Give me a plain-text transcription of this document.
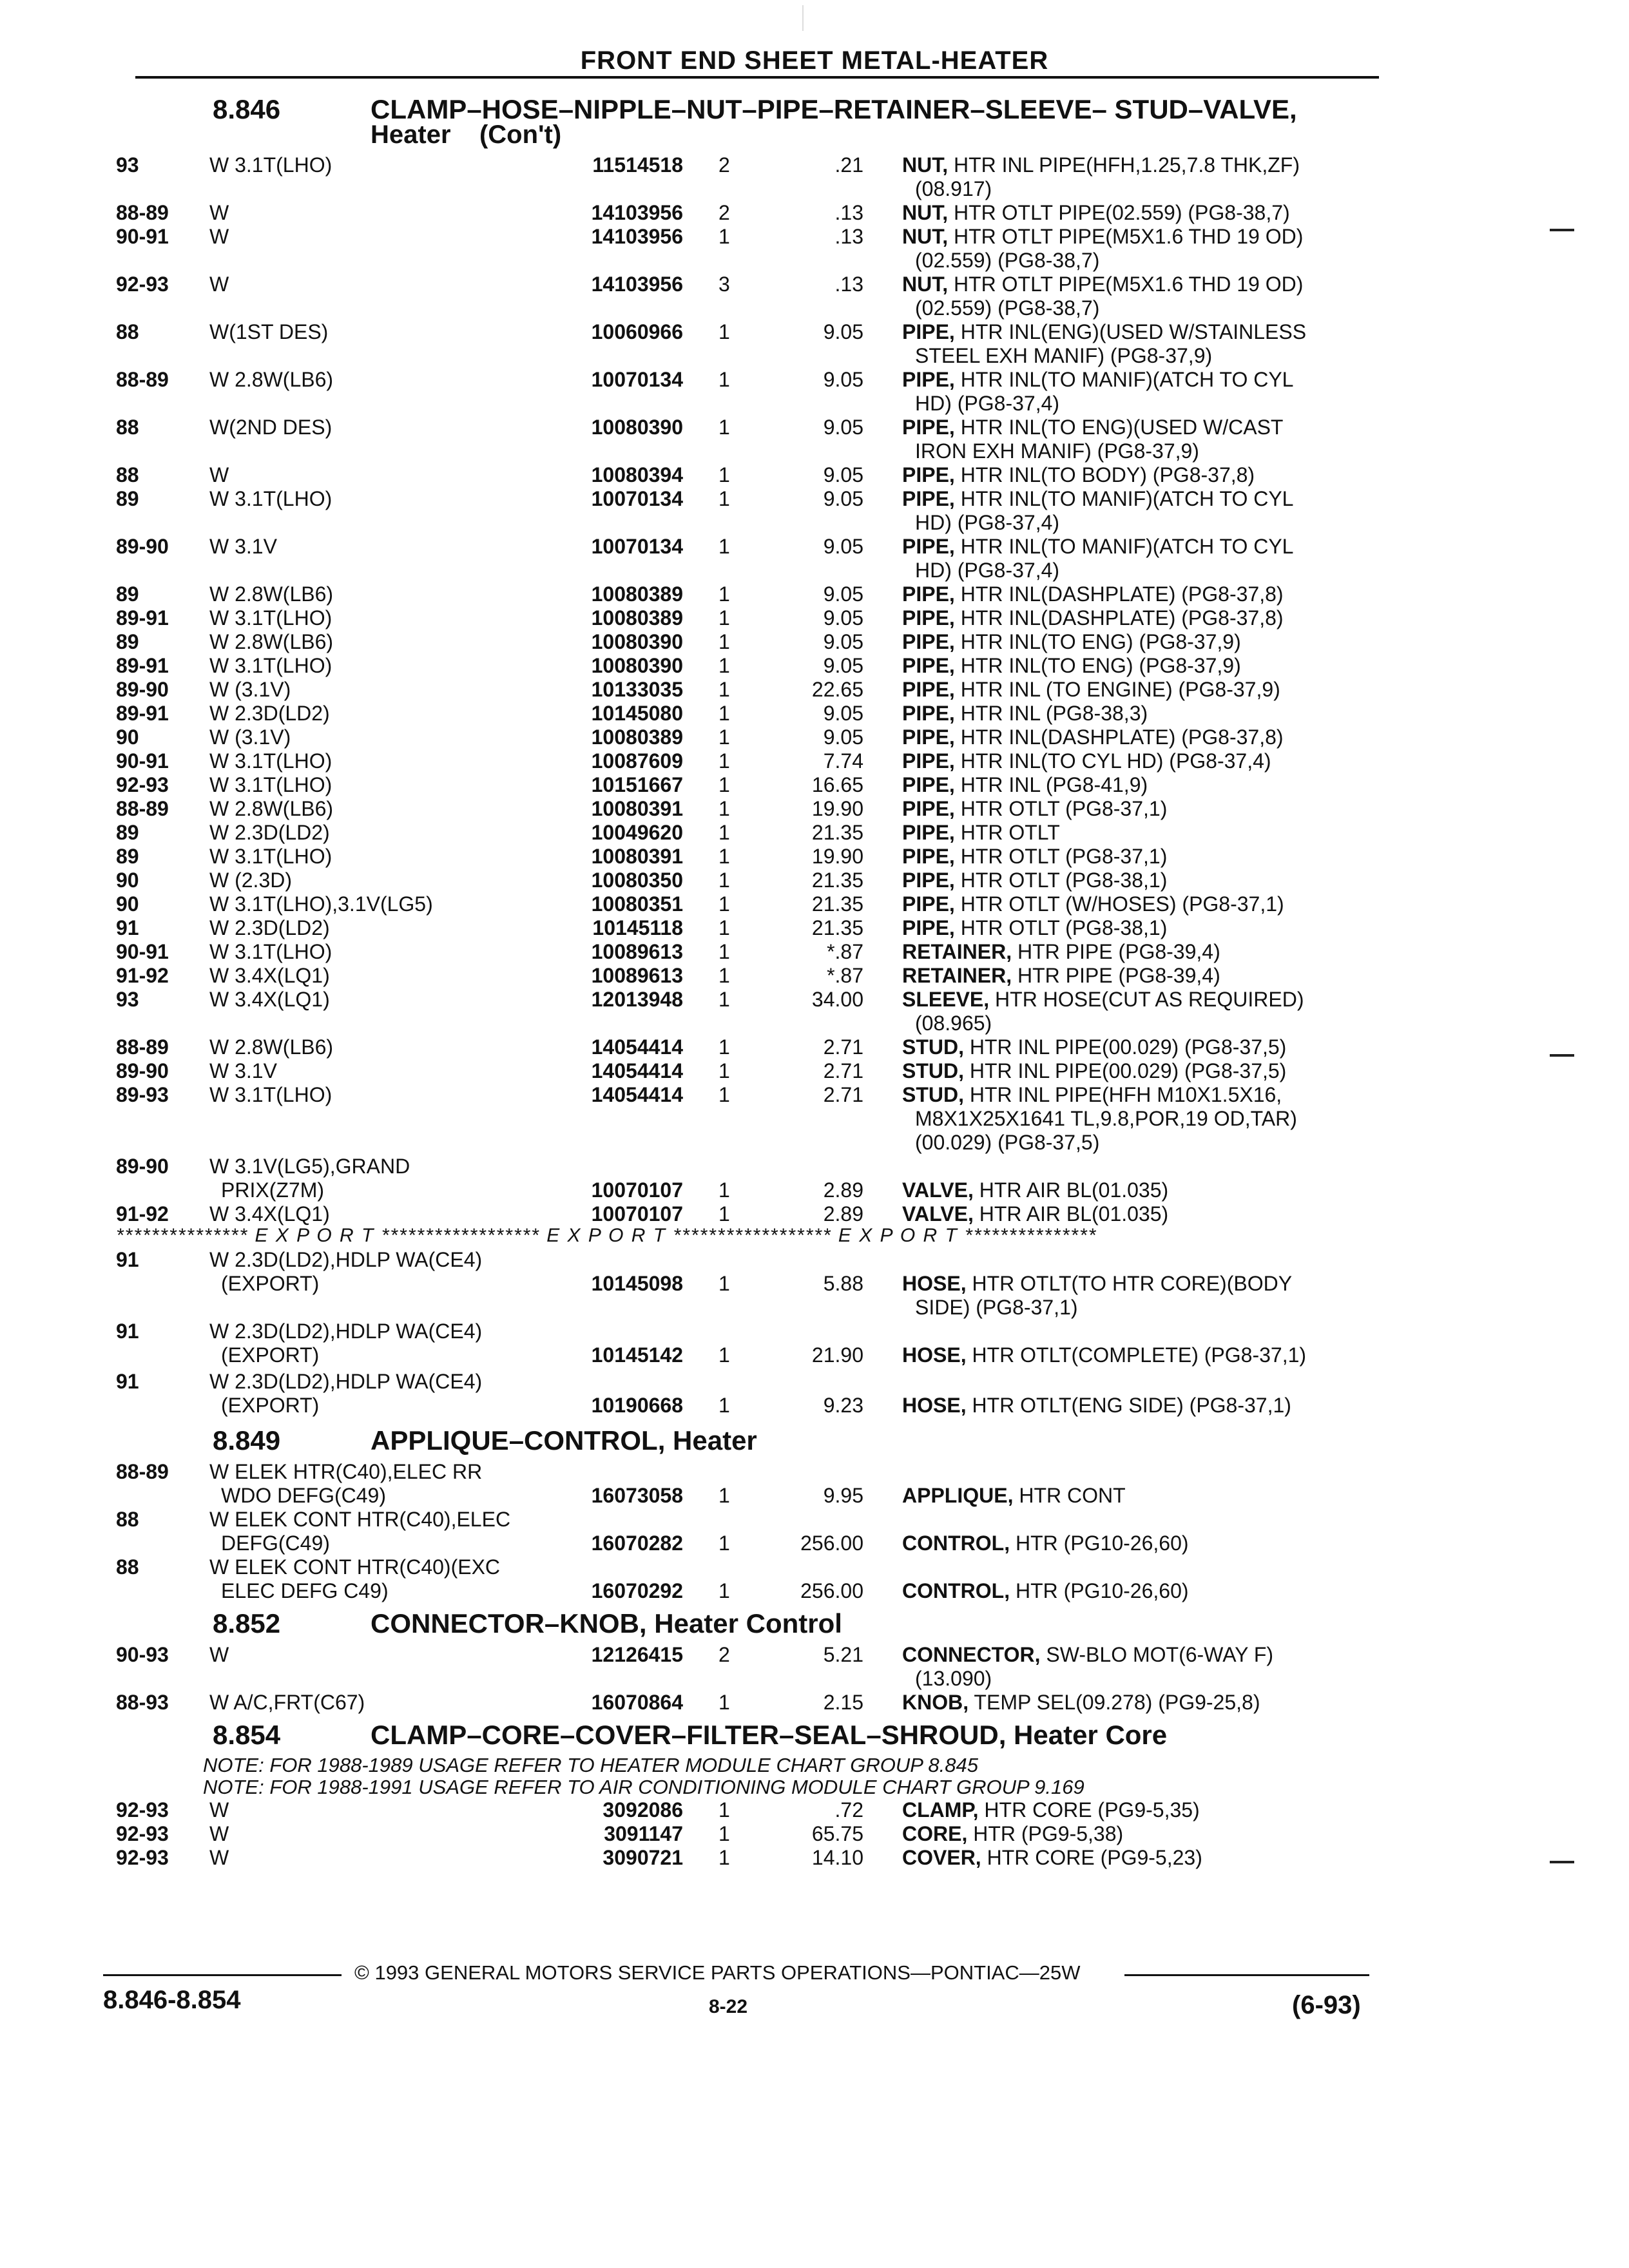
FRONT END SHEET METAL-HEATER
8.846	CLAMP–HOSE–NIPPLE–NUT–PIPE–RETAINER–SLEEVE– STUD–VALVE,
Heater    (Con't)
93	W 3.1T(LHO)	11514518 2	.21 NUT, HTR INL PIPE(HFH,1.25,7.8 THK,ZF)
(08.917)
88-89	W	14103956 2	.13 NUT, HTR OTLT PIPE(02.559) (PG8-38,7)
90-91	W	14103956 1	.13 NUT, HTR OTLT PIPE(M5X1.6 THD 19 OD)
(02.559) (PG8-38,7)
92-93	W	14103956 3	.13 NUT, HTR OTLT PIPE(M5X1.6 THD 19 OD)
(02.559) (PG8-38,7)
88	W(1ST DES)	10060966 1	9.05 PIPE, HTR INL(ENG)(USED W/STAINLESS
STEEL EXH MANIF) (PG8-37,9)
88-89	W 2.8W(LB6)	10070134 1	9.05 PIPE, HTR INL(TO MANIF)(ATCH TO CYL
HD) (PG8-37,4)
88	W(2ND DES)	10080390 1	9.05 PIPE, HTR INL(TO ENG)(USED W/CAST
IRON EXH MANIF) (PG8-37,9)
88	W	10080394 1	9.05 PIPE, HTR INL(TO BODY) (PG8-37,8)
89	W 3.1T(LHO)	10070134 1	9.05 PIPE, HTR INL(TO MANIF)(ATCH TO CYL
HD) (PG8-37,4)
89-90	W 3.1V	10070134 1	9.05 PIPE, HTR INL(TO MANIF)(ATCH TO CYL
HD) (PG8-37,4)
89	W 2.8W(LB6)	10080389 1	9.05 PIPE, HTR INL(DASHPLATE) (PG8-37,8)
89-91	W 3.1T(LHO)	10080389 1	9.05 PIPE, HTR INL(DASHPLATE) (PG8-37,8)
89	W 2.8W(LB6)	10080390 1	9.05 PIPE, HTR INL(TO ENG) (PG8-37,9)
89-91	W 3.1T(LHO)	10080390 1	9.05 PIPE, HTR INL(TO ENG) (PG8-37,9)
89-90	W (3.1V)	10133035 1	22.65 PIPE, HTR INL (TO ENGINE) (PG8-37,9)
89-91	W 2.3D(LD2)	10145080 1	9.05 PIPE, HTR INL (PG8-38,3)
90	W (3.1V)	10080389 1	9.05 PIPE, HTR INL(DASHPLATE) (PG8-37,8)
90-91	W 3.1T(LHO)	10087609 1	7.74 PIPE, HTR INL(TO CYL HD) (PG8-37,4)
92-93	W 3.1T(LHO)	10151667 1	16.65 PIPE, HTR INL (PG8-41,9)
88-89	W 2.8W(LB6)	10080391 1	19.90 PIPE, HTR OTLT (PG8-37,1)
89	W 2.3D(LD2)	10049620 1	21.35 PIPE, HTR OTLT
89	W 3.1T(LHO)	10080391 1	19.90 PIPE, HTR OTLT (PG8-37,1)
90	W (2.3D)	10080350 1	21.35 PIPE, HTR OTLT (PG8-38,1)
90	W 3.1T(LHO),3.1V(LG5)	10080351 1	21.35 PIPE, HTR OTLT (W/HOSES) (PG8-37,1)
91	W 2.3D(LD2)	10145118 1	21.35 PIPE, HTR OTLT (PG8-38,1)
90-91	W 3.1T(LHO)	10089613 1	*.87 RETAINER, HTR PIPE (PG8-39,4)
91-92	W 3.4X(LQ1)	10089613 1	*.87 RETAINER, HTR PIPE (PG8-39,4)
93	W 3.4X(LQ1)	12013948 1	34.00 SLEEVE, HTR HOSE(CUT AS REQUIRED)
(08.965)
88-89	W 2.8W(LB6)	14054414 1	2.71 STUD, HTR INL PIPE(00.029) (PG8-37,5)
89-90	W 3.1V	14054414 1	2.71 STUD, HTR INL PIPE(00.029) (PG8-37,5)
89-93	W 3.1T(LHO)	14054414 1	2.71 STUD, HTR INL PIPE(HFH M10X1.5X16,
M8X1X25X1641 TL,9.8,POR,19 OD,TAR)
(00.029) (PG8-37,5)
89-90	W 3.1V(LG5),GRAND
PRIX(Z7M)	10070107 1	2.89 VALVE, HTR AIR BL(01.035)
91-92	W 3.4X(LQ1)	10070107 1	2.89 VALVE, HTR AIR BL(01.035)
*************** E X P O R T ****************** E X P O R T ****************** E X P O R T ***************
91	W 2.3D(LD2),HDLP WA(CE4)
(EXPORT)	10145098 1	5.88 HOSE, HTR OTLT(TO HTR CORE)(BODY
SIDE) (PG8-37,1)
91	W 2.3D(LD2),HDLP WA(CE4)
(EXPORT)	10145142 1	21.90 HOSE, HTR OTLT(COMPLETE) (PG8-37,1)
91	W 2.3D(LD2),HDLP WA(CE4)
(EXPORT)	10190668 1	9.23 HOSE, HTR OTLT(ENG SIDE) (PG8-37,1)
8.849	APPLIQUE–CONTROL, Heater
88-89	W ELEK HTR(C40),ELEC RR
WDO DEFG(C49)	16073058 1	9.95 APPLIQUE, HTR CONT
88	W ELEK CONT HTR(C40),ELEC
DEFG(C49)	16070282 1	256.00 CONTROL, HTR (PG10-26,60)
88	W ELEK CONT HTR(C40)(EXC
ELEC DEFG C49)	16070292 1	256.00 CONTROL, HTR (PG10-26,60)
8.852	CONNECTOR–KNOB, Heater Control
90-93	W	12126415 2	5.21 CONNECTOR, SW-BLO MOT(6-WAY F)
(13.090)
88-93	W A/C,FRT(C67)	16070864 1	2.15 KNOB, TEMP SEL(09.278) (PG9-25,8)
8.854	CLAMP–CORE–COVER–FILTER–SEAL–SHROUD, Heater Core
NOTE: FOR 1988-1989 USAGE REFER TO HEATER MODULE CHART GROUP 8.845
NOTE: FOR 1988-1991 USAGE REFER TO AIR CONDITIONING MODULE CHART GROUP 9.169
92-93	W	3092086 1	.72 CLAMP, HTR CORE (PG9-5,35)
92-93	W	3091147 1	65.75 CORE, HTR (PG9-5,38)
92-93	W	3090721 1	14.10 COVER, HTR CORE (PG9-5,23)
© 1993 GENERAL MOTORS SERVICE PARTS OPERATIONS—PONTIAC—25W
8.846-8.854	8-22	(6-93)
